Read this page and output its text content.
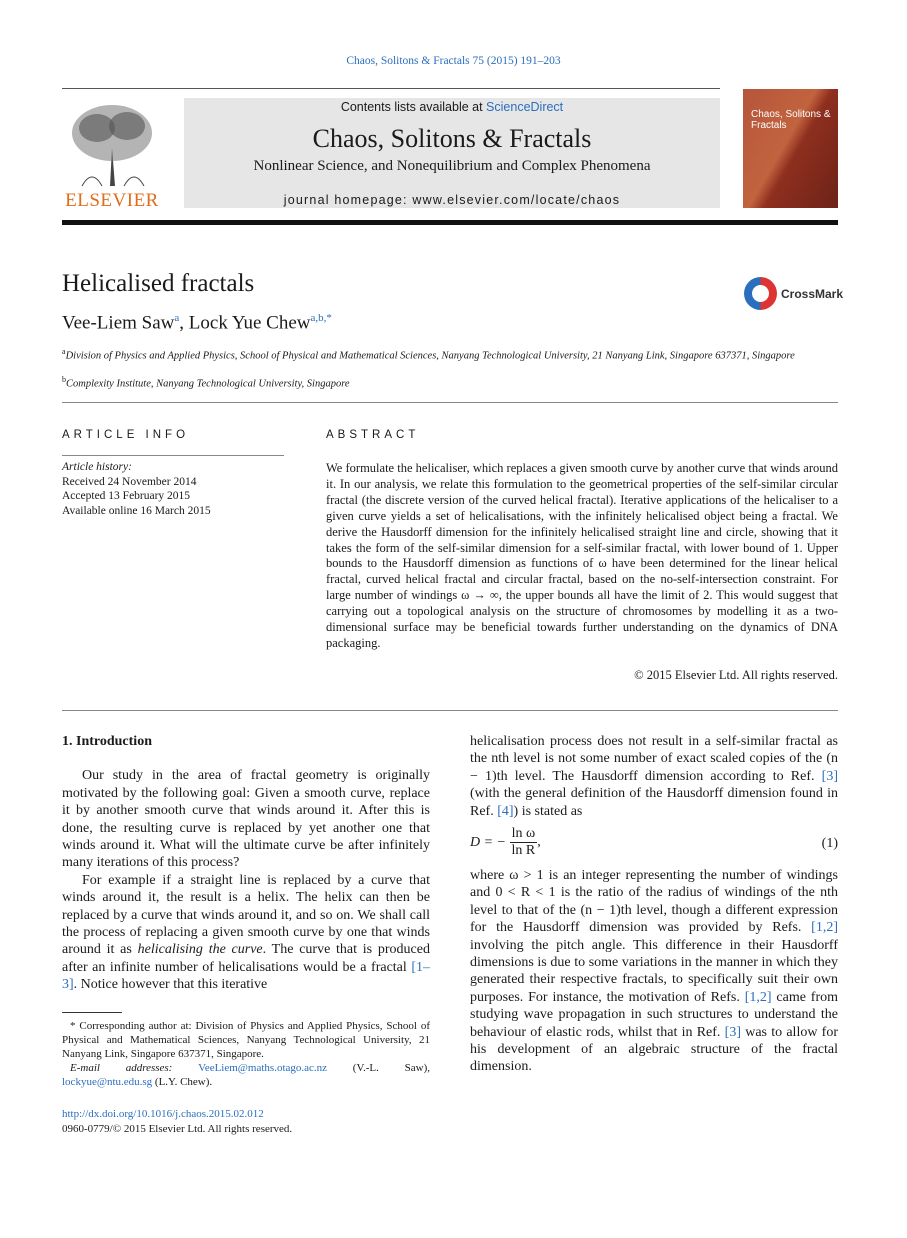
Chaos, Solitons & Fractals 75 (2015) 191–203
ELSEVIER
Contents lists available at ScienceDirect
Chaos, Solitons & Fractals
Nonlinear Science, and Nonequilibrium and Complex Phenomena
journal homepage: www.elsevier.com/locate/chaos
Chaos, Solitons & Fractals
Helicalised fractals	CrossMark
Vee-Liem Saw$^a$, Lock Yue Chew$^{a,b,*}$
$^a$Division of Physics and Applied Physics, School of Physical and Mathematical Sciences, Nanyang Technological University, 21 Nanyang Link, Singapore 637371, Singapore
$^b$Complexity Institute, Nanyang Technological University, Singapore
ARTICLE INFO
Article history:
Received 24 November 2014
Accepted 13 February 2015
Available online 16 March 2015
ABSTRACT
We formulate the helicaliser, which replaces a given smooth curve by another curve that winds around it. In our analysis, we relate this formulation to the geometrical properties of the self-similar circular fractal (the discrete version of the curved helical fractal). Iterative applications of the helicaliser to a given curve yields a set of helicalisations, with the infinitely helicalised object being a fractal. We derive the Hausdorff dimension for the infinitely helicalised straight line and circle, showing that it takes the form of the self-similar dimension for a self-similar fractal, with lower bound of 1. Upper bounds to the Hausdorff dimension as functions of ω have been determined for the linear helical fractal, curved helical fractal and circular fractal, based on the no-self-intersection constraint. For large number of windings ω → ∞, the upper bounds all have the limit of 2. This would suggest that carrying out a topological analysis on the structure of chromosomes by modelling it as a two-dimensional surface may be beneficial towards further understanding on the dynamics of DNA packaging.
© 2015 Elsevier Ltd. All rights reserved.
1. Introduction

Our study in the area of fractal geometry is originally motivated by the following goal: Given a smooth curve, replace it by another smooth curve that winds around it. After this is done, the resulting curve is replaced by yet another one that winds around it. What will the ultimate curve be after infinitely many iterations of this process?

For example if a straight line is replaced by a curve that winds around it, the result is a helix. The helix can then be replaced by a curve that winds around it, and so on. We shall call the process of replacing a given smooth curve by one that winds around it as helicalising the curve. The curve that is produced after an infinite number of helicalisations would be a fractal [1–3]. Notice however that this iterative

* Corresponding author at: Division of Physics and Applied Physics, School of Physical and Mathematical Sciences, Nanyang Technological University, 21 Nanyang Link, Singapore 637371, Singapore.
E-mail addresses: VeeLiem@maths.otago.ac.nz (V.-L. Saw), lockyue@ntu.edu.sg (L.Y. Chew).
http://dx.doi.org/10.1016/j.chaos.2015.02.012
0960-0779/© 2015 Elsevier Ltd. All rights reserved.
helicalisation process does not result in a self-similar fractal as the nth level is not some number of exact scaled copies of the (n − 1)th level. The Hausdorff dimension according to Ref. [3] (with the general definition of the Hausdorff dimension found in Ref. [4]) is stated as
D = − $\frac{\text{ln ω}}{\text{ln R}}$ ,	(1)
where ω > 1 is an integer representing the number of windings and 0 < R < 1 is the ratio of the radius of windings of the nth level to that of the (n − 1)th level, though a different expression for the Hausdorff dimension was provided by Refs. [1,2] involving the pitch angle. This difference in their Hausdorff dimensions is due to some variations in the manner in which they generated their respective fractals, to specifically suit their own purposes. For instance, the motivation of Refs. [1,2] came from studying wave propagation in such structures to understand the behaviour of elastic rods, whilst that in Ref. [3] was to allow for his development of an algebraic structure of the fractal dimension.
